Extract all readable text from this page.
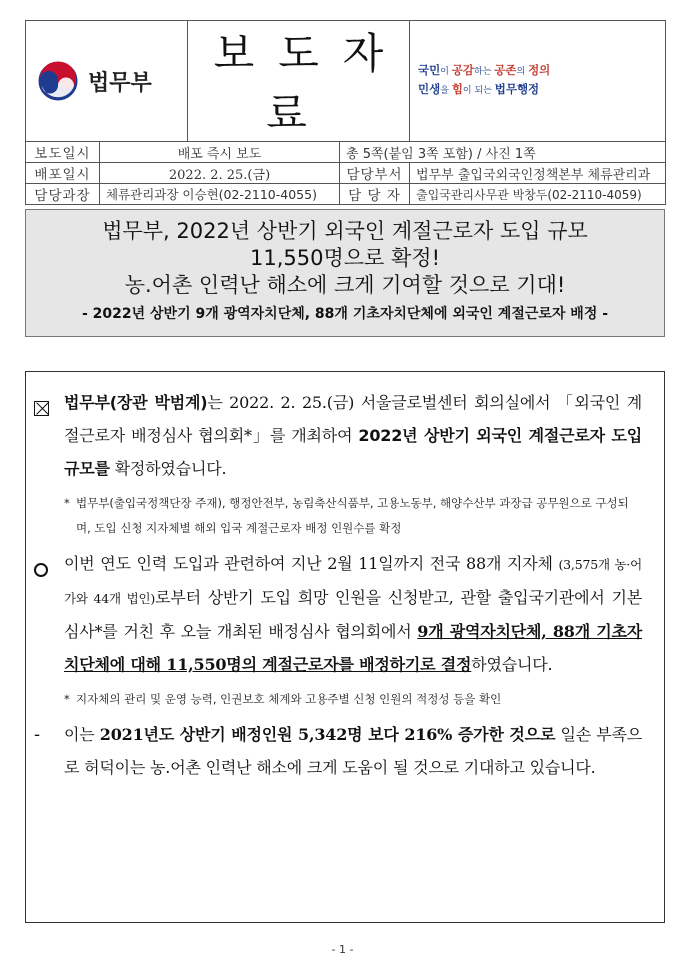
법무부		보도자료		국민이 공감하는 공존의 정의
민생을 힘이 되는 법무행정

보도일시	배포 즉시 보도		총 5쪽(붙임 3쪽 포함) / 사진 1쪽	
배포일시	2022. 2. 25.(금)		담당부서	법무부 출입국외국인정책본부 체류관리과
담당과장	체류관리과장 이승현(02-2110-4055)		담 당 자	출입국관리사무관 박창두(02-2110-4059)
법무부, 2022년 상반기 외국인 계절근로자 도입 규모
11,550명으로 확정!
농.어촌 인력난 해소에 크게 기여할 것으로 기대!
- 2022년 상반기 9개 광역자치단체, 88개 기초자치단체에 외국인 계절근로자 배정 -
법무부(장관 박범계)는 2022. 2. 25.(금) 서울글로벌센터 회의실에서 「외국인 계절근로자 배정심사 협의회*」를 개최하여 2022년 상반기 외국인 계절근로자 도입 규모를 확정하였습니다.
* 법무부(출입국정책단장 주재), 행정안전부, 농림축산식품부, 고용노동부, 해양수산부 과장급 공무원으로 구성되며, 도입 신청 지자체별 해외 입국 계절근로자 배정 인원수를 확정
이번 연도 인력 도입과 관련하여 지난 2월 11일까지 전국 88개 지자체 (3,575개 농·어가와 44개 법인)로부터 상반기 도입 희망 인원을 신청받고, 관할 출입국기관에서 기본 심사*를 거친 후 오늘 개최된 배정심사 협의회에서 9개 광역자치단체, 88개 기초자치단체에 대해 11,550명의 계절근로자를 배정하기로 결정하였습니다.
* 지자체의 관리 및 운영 능력, 인권보호 체계와 고용주별 신청 인원의 적정성 등을 확인
-	이는 2021년도 상반기 배정인원 5,342명 보다 216% 증가한 것으로 일손 부족으로 허덕이는 농.어촌 인력난 해소에 크게 도움이 될 것으로 기대하고 있습니다.
- 1 -
